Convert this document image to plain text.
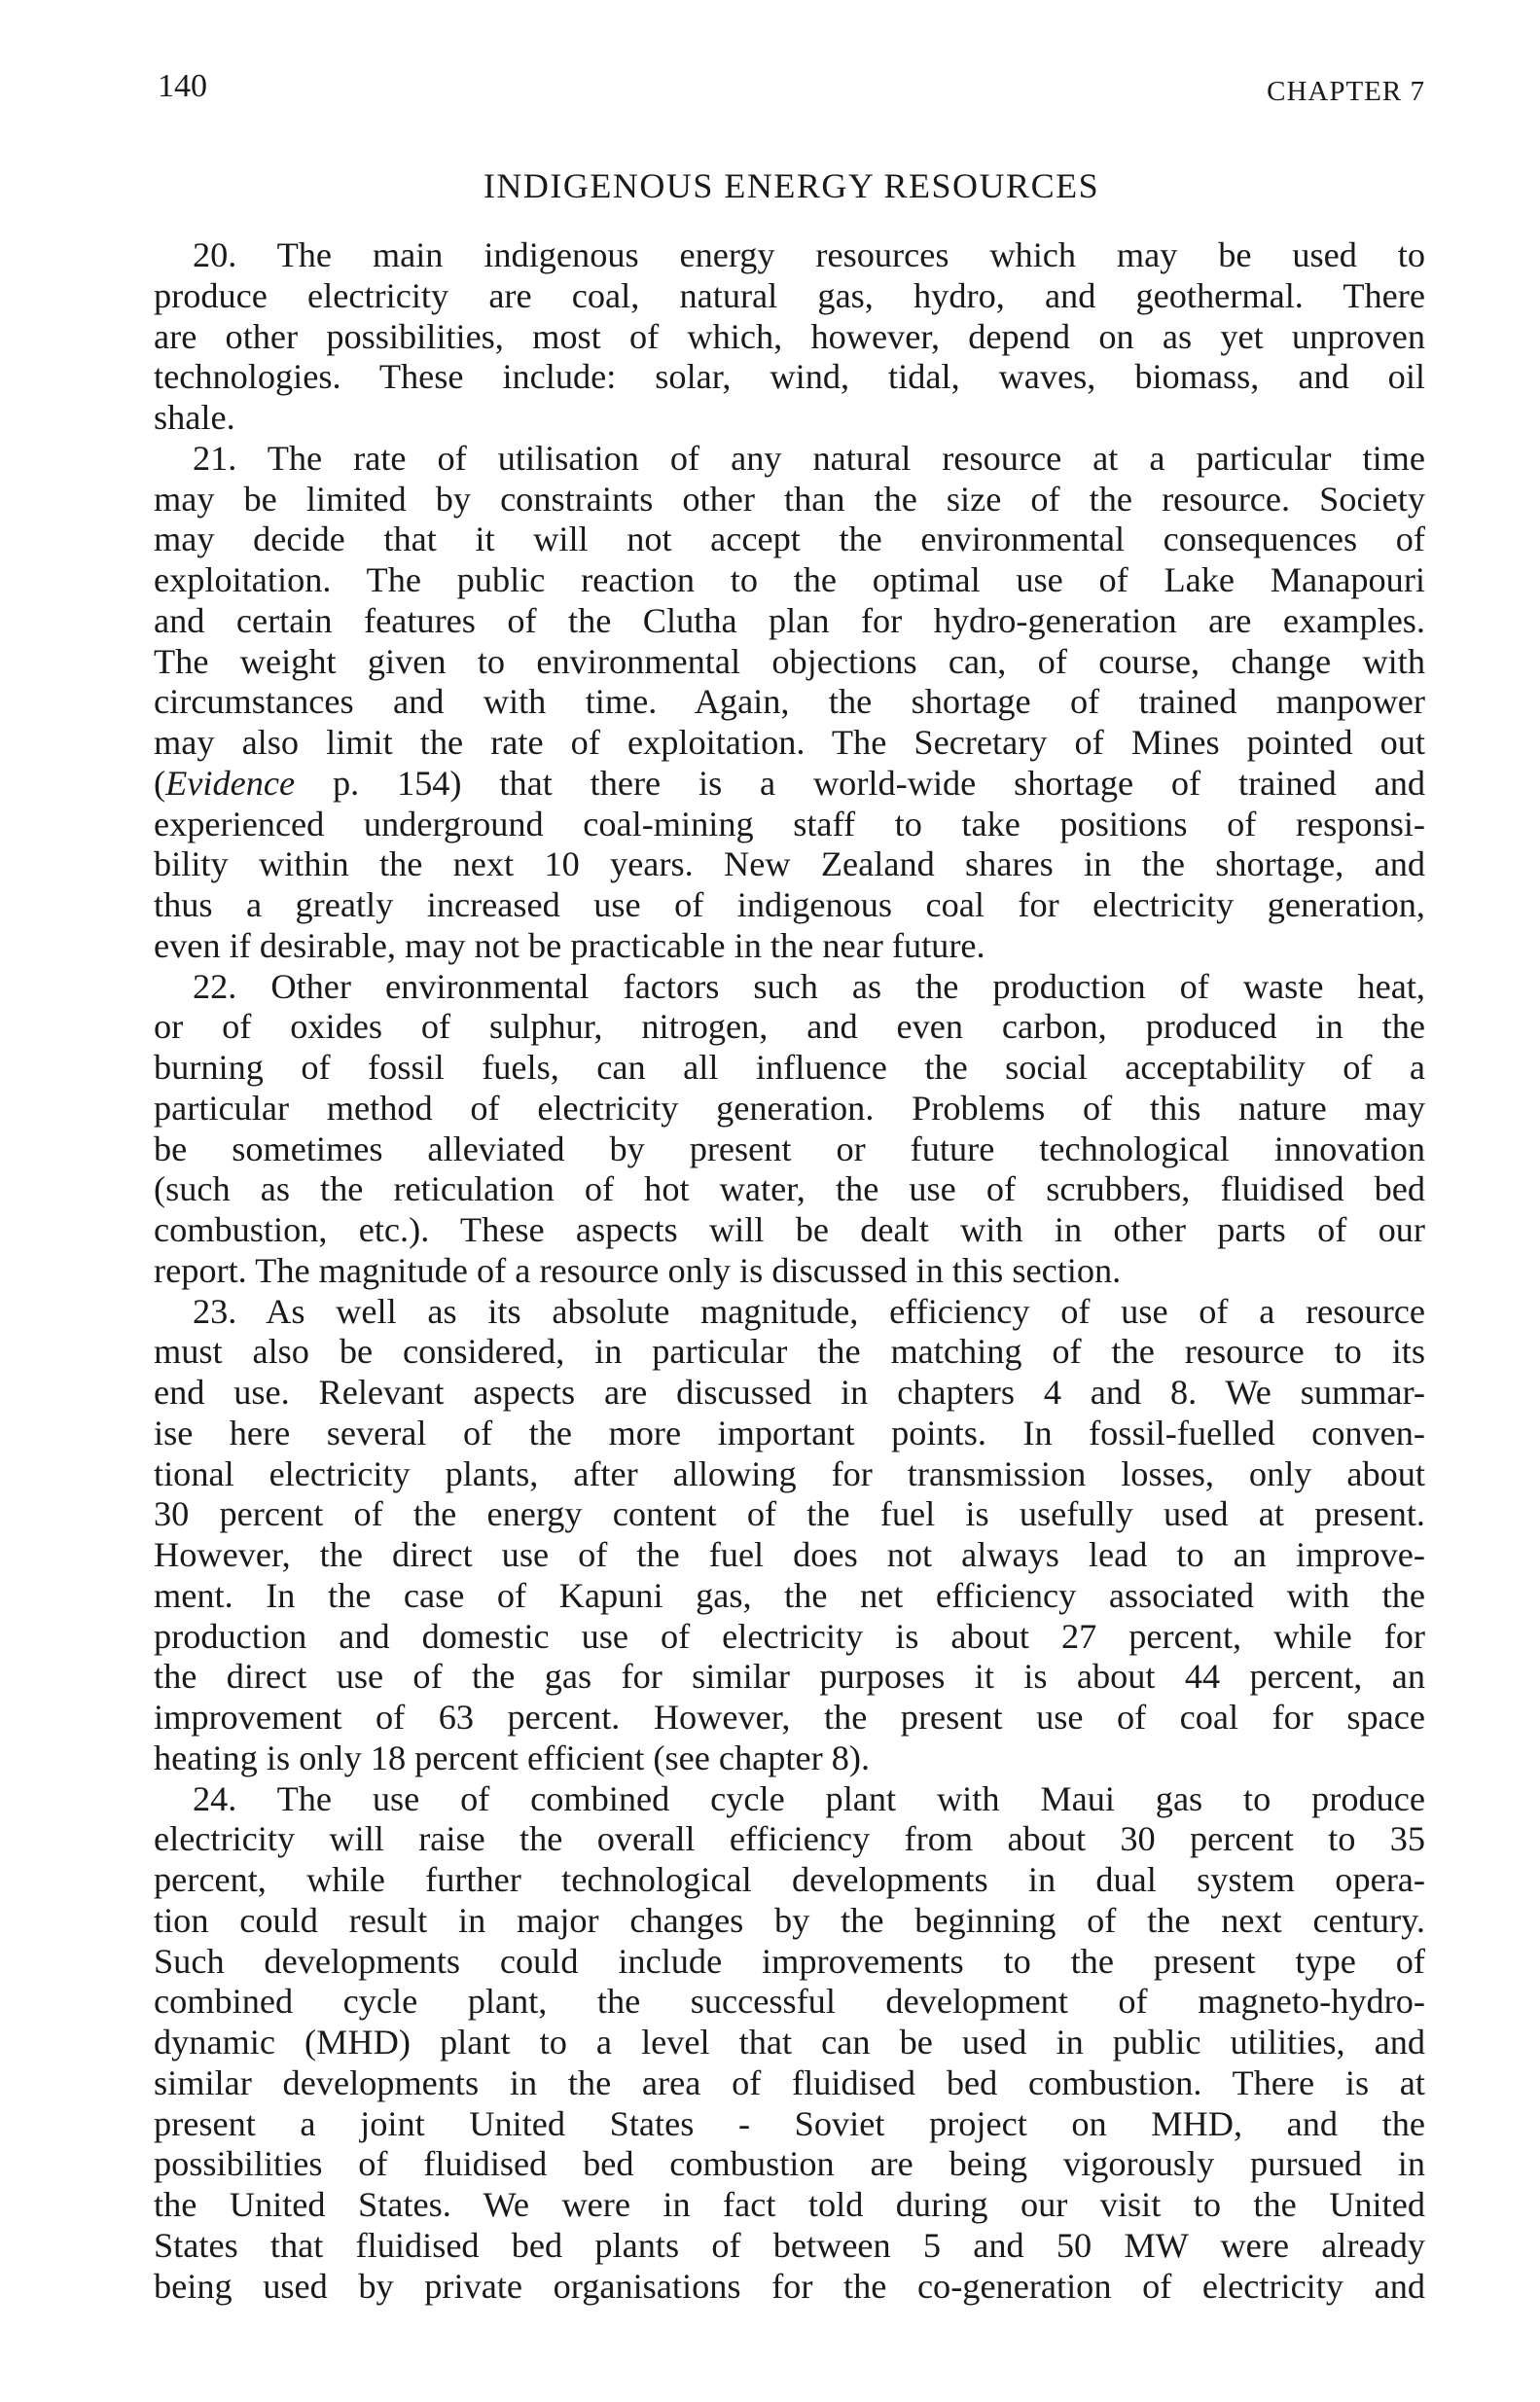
140	CHAPTER 7
INDIGENOUS ENERGY RESOURCES
20. The main indigenous energy resources which may be used to
produce electricity are coal, natural gas, hydro, and geothermal. There
are other possibilities, most of which, however, depend on as yet unproven
technologies. These include: solar, wind, tidal, waves, biomass, and oil
shale.
21. The rate of utilisation of any natural resource at a particular time
may be limited by constraints other than the size of the resource. Society
may decide that it will not accept the environmental consequences of
exploitation. The public reaction to the optimal use of Lake Manapouri
and certain features of the Clutha plan for hydro-generation are examples.
The weight given to environmental objections can, of course, change with
circumstances and with time. Again, the shortage of trained manpower
may also limit the rate of exploitation. The Secretary of Mines pointed out
(Evidence p. 154) that there is a world-wide shortage of trained and
experienced underground coal-mining staff to take positions of responsi-
bility within the next 10 years. New Zealand shares in the shortage, and
thus a greatly increased use of indigenous coal for electricity generation,
even if desirable, may not be practicable in the near future.
22. Other environmental factors such as the production of waste heat,
or of oxides of sulphur, nitrogen, and even carbon, produced in the
burning of fossil fuels, can all influence the social acceptability of a
particular method of electricity generation. Problems of this nature may
be sometimes alleviated by present or future technological innovation
(such as the reticulation of hot water, the use of scrubbers, fluidised bed
combustion, etc.). These aspects will be dealt with in other parts of our
report. The magnitude of a resource only is discussed in this section.
23. As well as its absolute magnitude, efficiency of use of a resource
must also be considered, in particular the matching of the resource to its
end use. Relevant aspects are discussed in chapters 4 and 8. We summar-
ise here several of the more important points. In fossil-fuelled conven-
tional electricity plants, after allowing for transmission losses, only about
30 percent of the energy content of the fuel is usefully used at present.
However, the direct use of the fuel does not always lead to an improve-
ment. In the case of Kapuni gas, the net efficiency associated with the
production and domestic use of electricity is about 27 percent, while for
the direct use of the gas for similar purposes it is about 44 percent, an
improvement of 63 percent. However, the present use of coal for space
heating is only 18 percent efficient (see chapter 8).
24. The use of combined cycle plant with Maui gas to produce
electricity will raise the overall efficiency from about 30 percent to 35
percent, while further technological developments in dual system opera-
tion could result in major changes by the beginning of the next century.
Such developments could include improvements to the present type of
combined cycle plant, the successful development of magneto-hydro-
dynamic (MHD) plant to a level that can be used in public utilities, and
similar developments in the area of fluidised bed combustion. There is at
present a joint United States - Soviet project on MHD, and the
possibilities of fluidised bed combustion are being vigorously pursued in
the United States. We were in fact told during our visit to the United
States that fluidised bed plants of between 5 and 50 MW were already
being used by private organisations for the co-generation of electricity and
